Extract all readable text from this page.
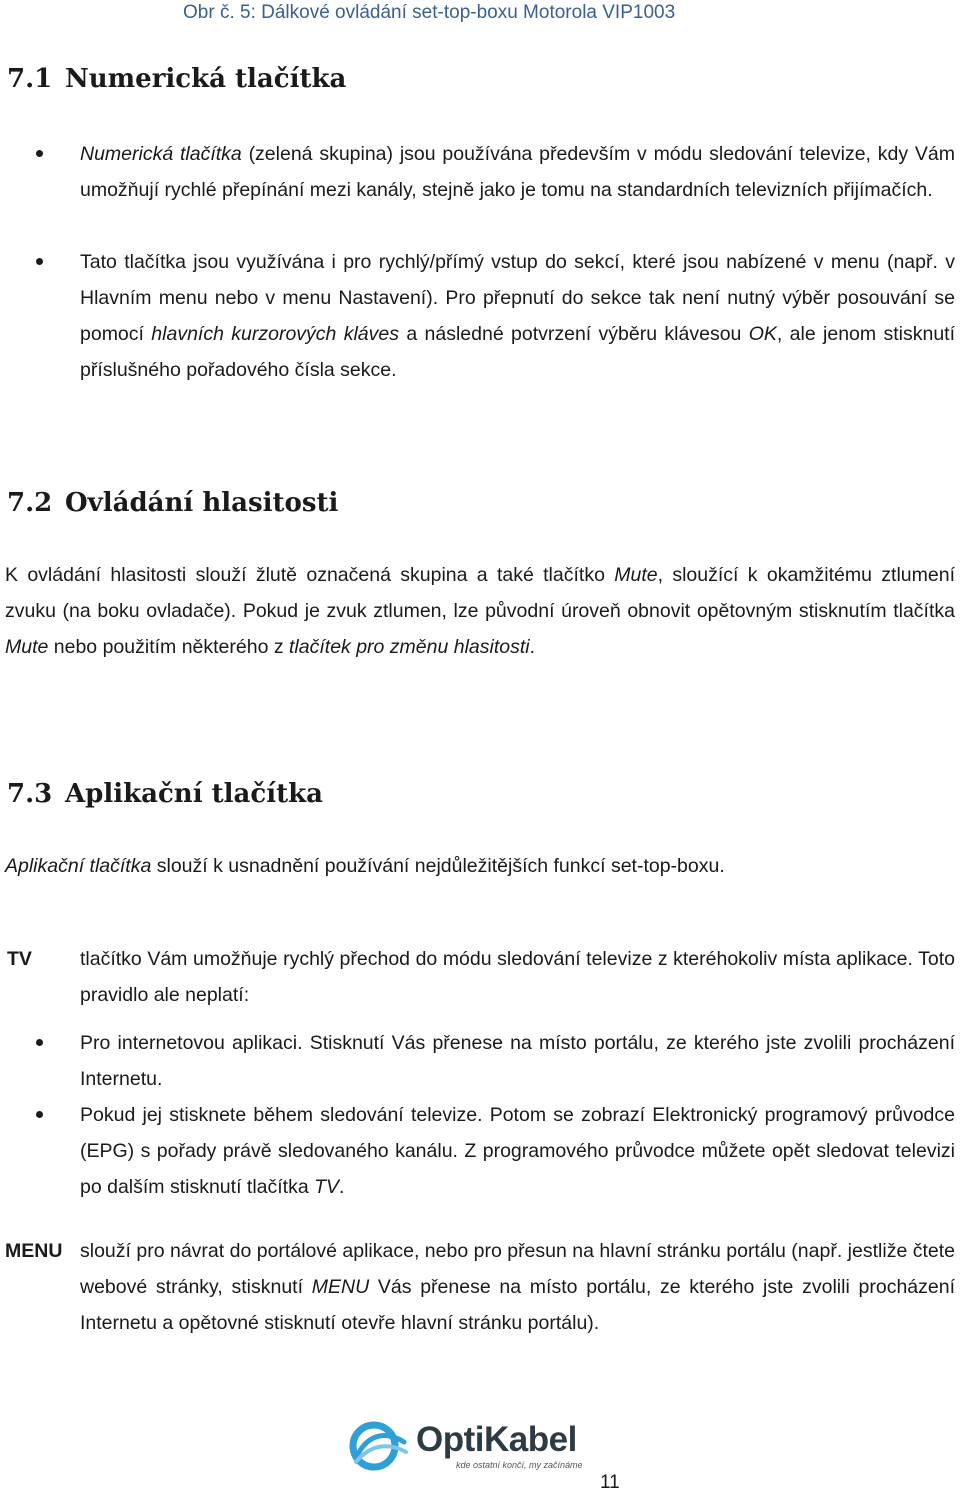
Obr č. 5: Dálkové ovládání set-top-boxu Motorola VIP1003
7.1 Numerická tlačítka

Numerická tlačítka (zelená skupina) jsou používána především v módu sledování televize, kdy Vám umožňují rychlé přepínání mezi kanály, stejně jako je tomu na standardních televizních přijímačích.

Tato tlačítka jsou využívána i pro rychlý/přímý vstup do sekcí, které jsou nabízené v menu (např. v Hlavním menu nebo v menu Nastavení). Pro přepnutí do sekce tak není nutný výběr posouvání se pomocí hlavních kurzorových kláves a následné potvrzení výběru klávesou OK, ale jenom stisknutí příslušného pořadového čísla sekce.

7.2 Ovládání hlasitosti

K ovládání hlasitosti slouží žlutě označená skupina a také tlačítko Mute, sloužící k okamžitému ztlumení zvuku (na boku ovladače). Pokud je zvuk ztlumen, lze původní úroveň obnovit opětovným stisknutím tlačítka Mute nebo použitím některého z tlačítek pro změnu hlasitosti.

7.3 Aplikační tlačítka

Aplikační tlačítka slouží k usnadnění používání nejdůležitějších funkcí set-top-boxu.

TV tlačítko Vám umožňuje rychlý přechod do módu sledování televize z kteréhokoliv místa aplikace. Toto pravidlo ale neplatí:

Pro internetovou aplikaci. Stisknutí Vás přenese na místo portálu, ze kterého jste zvolili procházení Internetu.

Pokud jej stisknete během sledování televize. Potom se zobrazí Elektronický programový průvodce (EPG) s pořady právě sledovaného kanálu. Z programového průvodce můžete opět sledovat televizi po dalším stisknutí tlačítka TV.

MENU slouží pro návrat do portálové aplikace, nebo pro přesun na hlavní stránku portálu (např. jestliže čtete webové stránky, stisknutí MENU Vás přenese na místo portálu, ze kterého jste zvolili procházení Internetu a opětovné stisknutí otevře hlavní stránku portálu).

OptiKabel
kde ostatní končí, my začínáme
11
